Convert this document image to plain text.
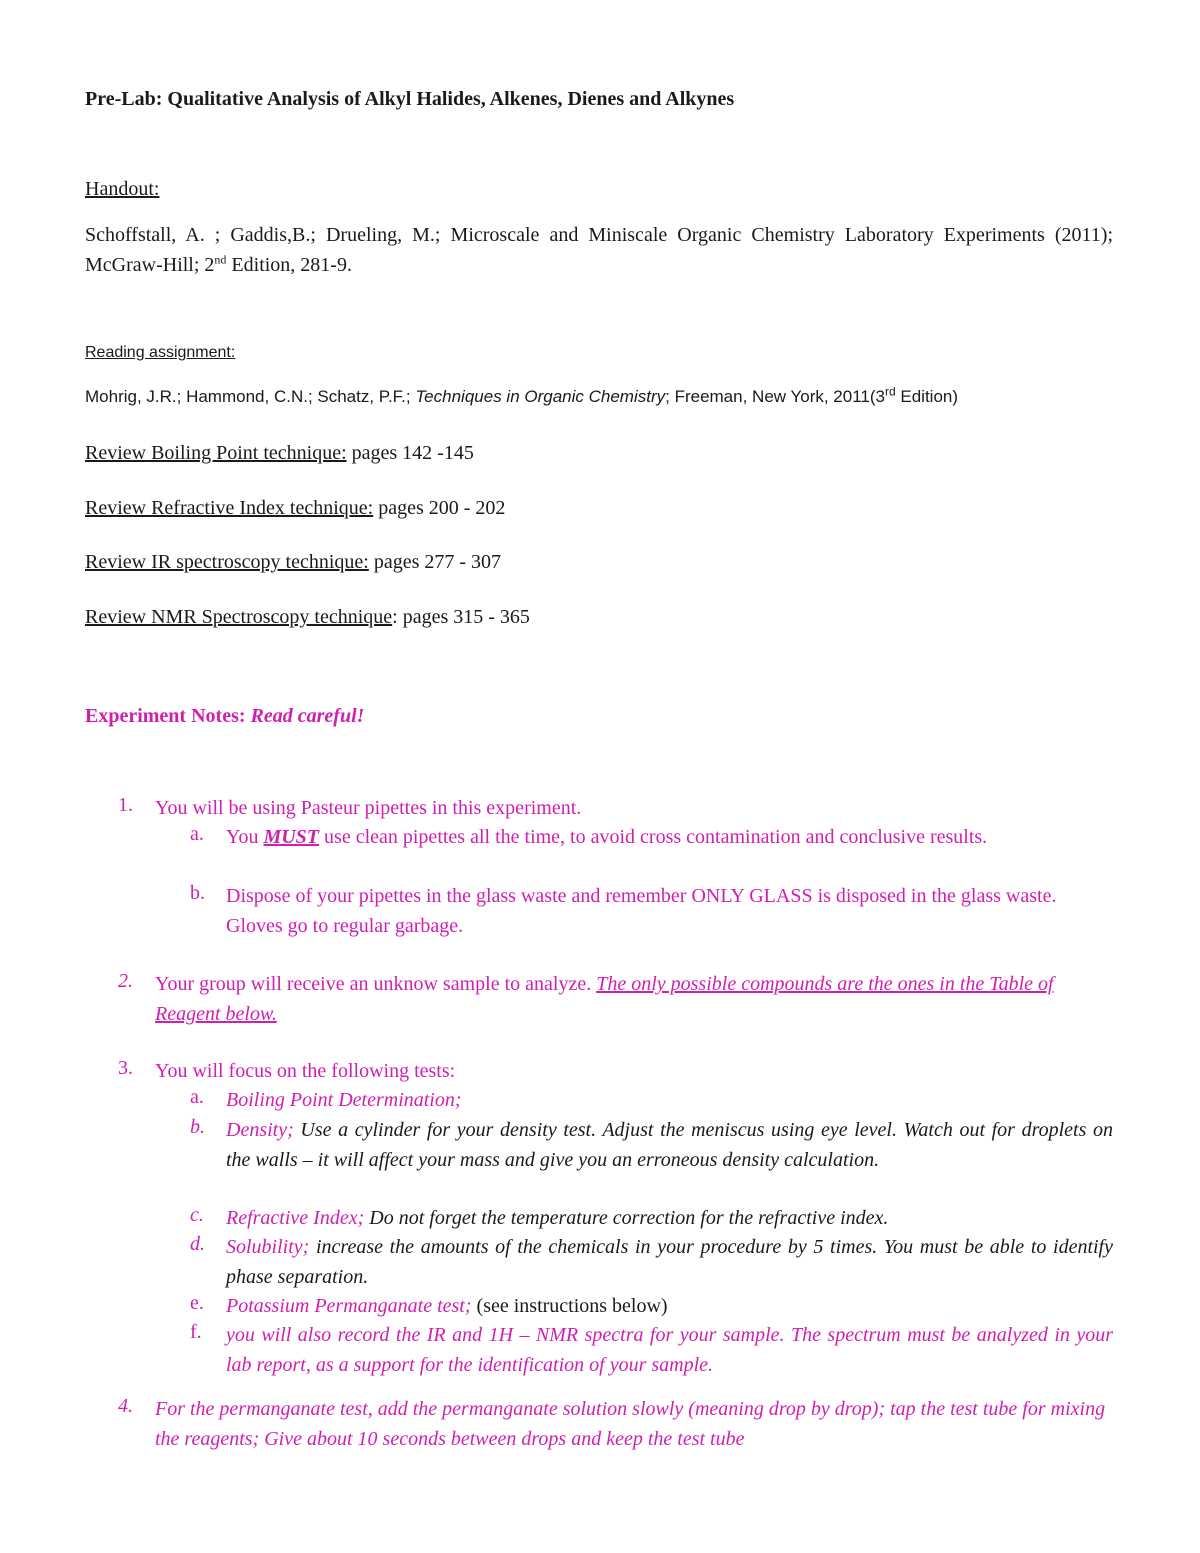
Pre-Lab: Qualitative Analysis of Alkyl Halides, Alkenes, Dienes and Alkynes
Handout:
Schoffstall, A. ; Gaddis,B.; Drueling, M.; Microscale and Miniscale Organic Chemistry Laboratory Experiments (2011); McGraw-Hill; 2nd Edition, 281-9.
Reading assignment:
Mohrig, J.R.; Hammond, C.N.; Schatz, P.F.; Techniques in Organic Chemistry; Freeman, New York, 2011(3rd Edition)
Review Boiling Point technique: pages 142 -145
Review Refractive Index technique: pages 200 - 202
Review IR spectroscopy technique: pages 277 - 307
Review NMR Spectroscopy technique: pages 315 - 365
Experiment Notes: Read careful!
1. You will be using Pasteur pipettes in this experiment.
a. You MUST use clean pipettes all the time, to avoid cross contamination and conclusive results.
b. Dispose of your pipettes in the glass waste and remember ONLY GLASS is disposed in the glass waste. Gloves go to regular garbage.
2. Your group will receive an unknow sample to analyze. The only possible compounds are the ones in the Table of Reagent below.
3. You will focus on the following tests:
a. Boiling Point Determination;
b. Density; Use a cylinder for your density test. Adjust the meniscus using eye level. Watch out for droplets on the walls – it will affect your mass and give you an erroneous density calculation.
c. Refractive Index; Do not forget the temperature correction for the refractive index.
d. Solubility; increase the amounts of the chemicals in your procedure by 5 times. You must be able to identify phase separation.
e. Potassium Permanganate test; (see instructions below)
f. you will also record the IR and 1H – NMR spectra for your sample. The spectrum must be analyzed in your lab report, as a support for the identification of your sample.
4. For the permanganate test, add the permanganate solution slowly (meaning drop by drop); tap the test tube for mixing the reagents; Give about 10 seconds between drops and keep the test tube
